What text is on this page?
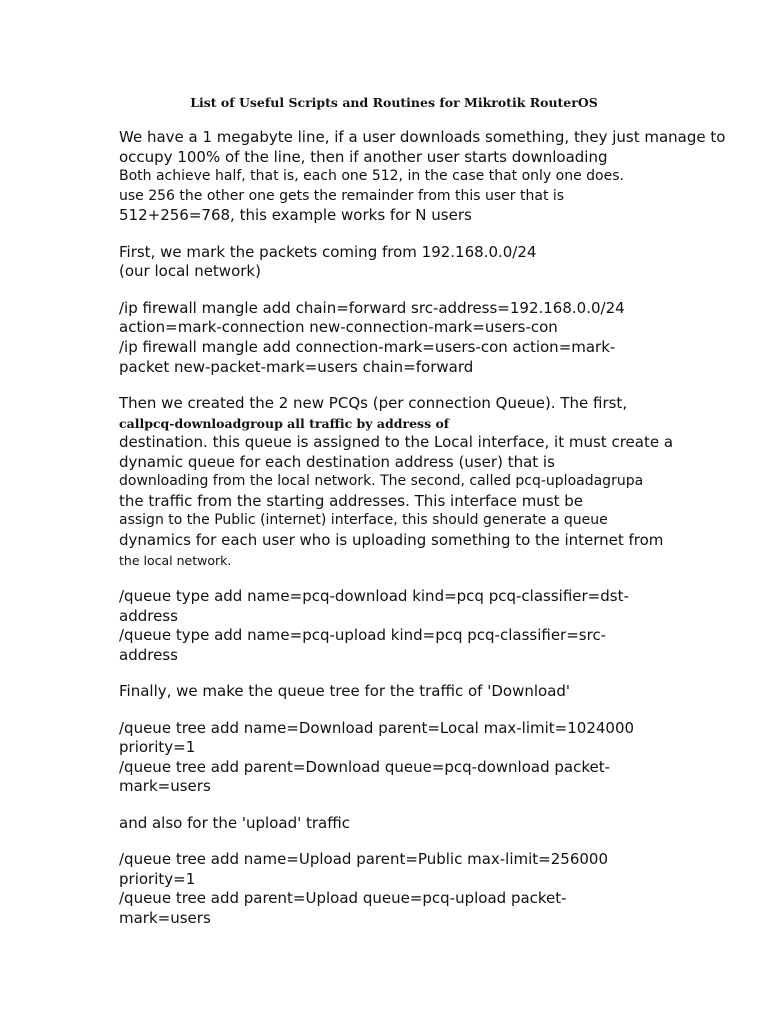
List of Useful Scripts and Routines for Mikrotik RouterOS
We have a 1 megabyte line, if a user downloads something, they just manage to
occupy 100% of the line, then if another user starts downloading
Both achieve half, that is, each one 512, in the case that only one does.
use 256 the other one gets the remainder from this user that is
512+256=768, this example works for N users
First, we mark the packets coming from 192.168.0.0/24
(our local network)
/ip firewall mangle add chain=forward src-address=192.168.0.0/24
action=mark-connection new-connection-mark=users-con
/ip firewall mangle add connection-mark=users-con action=mark-
packet new-packet-mark=users chain=forward
Then we created the 2 new PCQs (per connection Queue). The first,
callpcq-downloadgroup all traffic by address of
destination. this queue is assigned to the Local interface, it must create a
dynamic queue for each destination address (user) that is
downloading from the local network. The second, called pcq-uploadagrupa
the traffic from the starting addresses. This interface must be
assign to the Public (internet) interface, this should generate a queue
dynamics for each user who is uploading something to the internet from
the local network.
/queue type add name=pcq-download kind=pcq pcq-classifier=dst-
address
/queue type add name=pcq-upload kind=pcq pcq-classifier=src-
address
Finally, we make the queue tree for the traffic of 'Download'
/queue tree add name=Download parent=Local max-limit=1024000
priority=1
/queue tree add parent=Download queue=pcq-download packet-
mark=users
and also for the 'upload' traffic
/queue tree add name=Upload parent=Public max-limit=256000
priority=1
/queue tree add parent=Upload queue=pcq-upload packet-
mark=users
